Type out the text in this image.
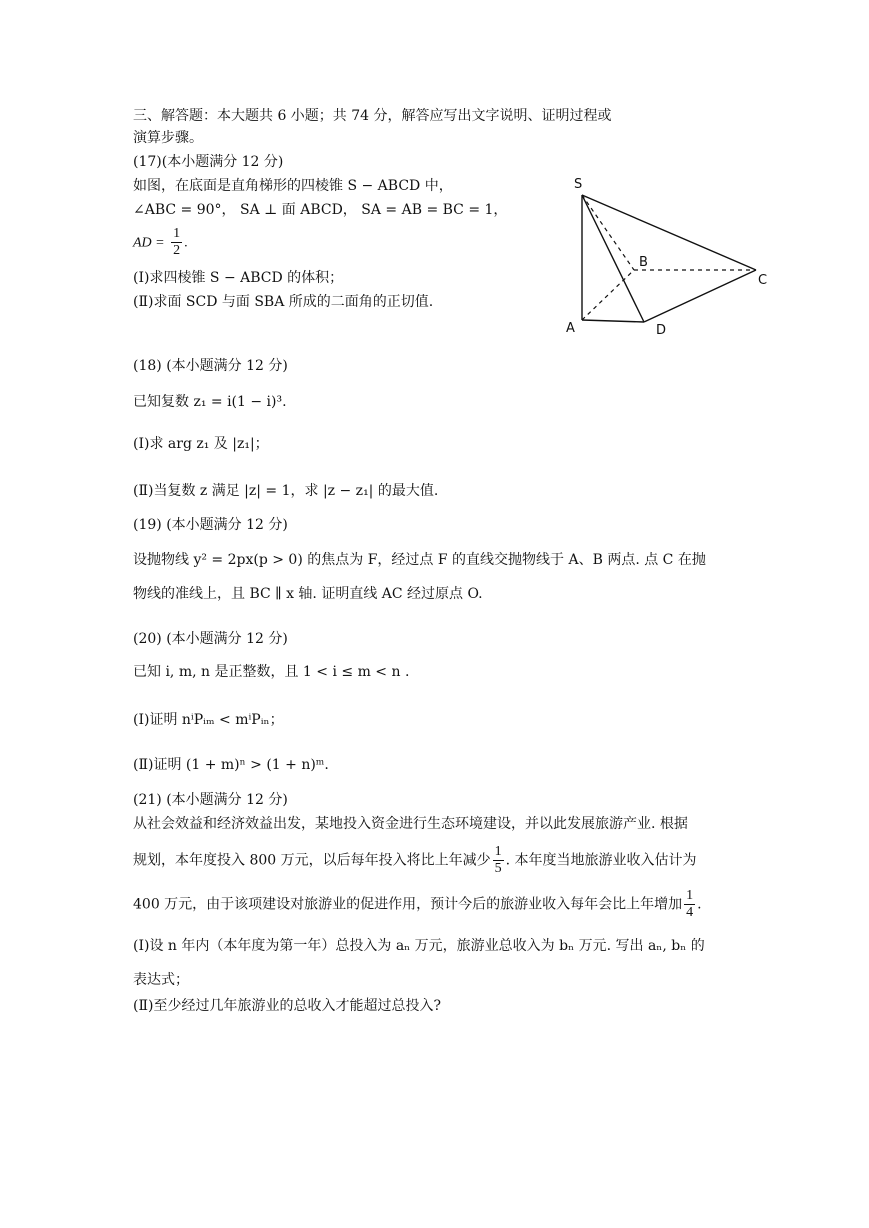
三、解答题：本大题共 6 小题；共 74 分，解答应写出文字说明、证明过程或
演算步骤。
(17)(本小题满分 12 分)
如图，在底面是直角梯形的四棱锥 S − ABCD 中，
∠ABC = 90°， SA ⊥ 面 ABCD， SA = AB = BC = 1，
AD = $\frac{1}{2}$ .
(Ⅰ)求四棱锥 S − ABCD 的体积；
(Ⅱ)求面 SCD 与面 SBA 所成的二面角的正切值.
S
A
B
C
D
(18) (本小题满分 12 分)
已知复数 z₁ = i(1 − i)³.
(Ⅰ)求 arg z₁ 及 |z₁|；
(Ⅱ)当复数 z 满足 |z| = 1，求 |z − z₁| 的最大值.
(19) (本小题满分 12 分)
设抛物线 y² = 2px(p > 0) 的焦点为 F，经过点 F 的直线交抛物线于 A、B 两点. 点 C 在抛
物线的准线上，且 BC ∥ x 轴. 证明直线 AC 经过原点 O.
(20) (本小题满分 12 分)
已知 i, m, n 是正整数，且 1 < i ≤ m < n .
(Ⅰ)证明 nⁱPᵢₘ < mⁱPᵢₙ；
(Ⅱ)证明 (1 + m)ⁿ > (1 + n)ᵐ.
(21) (本小题满分 12 分)
从社会效益和经济效益出发，某地投入资金进行生态环境建设，并以此发展旅游产业. 根据
规划，本年度投入 800 万元，以后每年投入将比上年减少 $\frac{1}{5}$ . 本年度当地旅游业收入估计为
400 万元，由于该项建设对旅游业的促进作用，预计今后的旅游业收入每年会比上年增加 $\frac{1}{4}$ .
(Ⅰ)设 n 年内（本年度为第一年）总投入为 aₙ 万元，旅游业总收入为 bₙ 万元. 写出 aₙ, bₙ 的
表达式；
(Ⅱ)至少经过几年旅游业的总收入才能超过总投入?
